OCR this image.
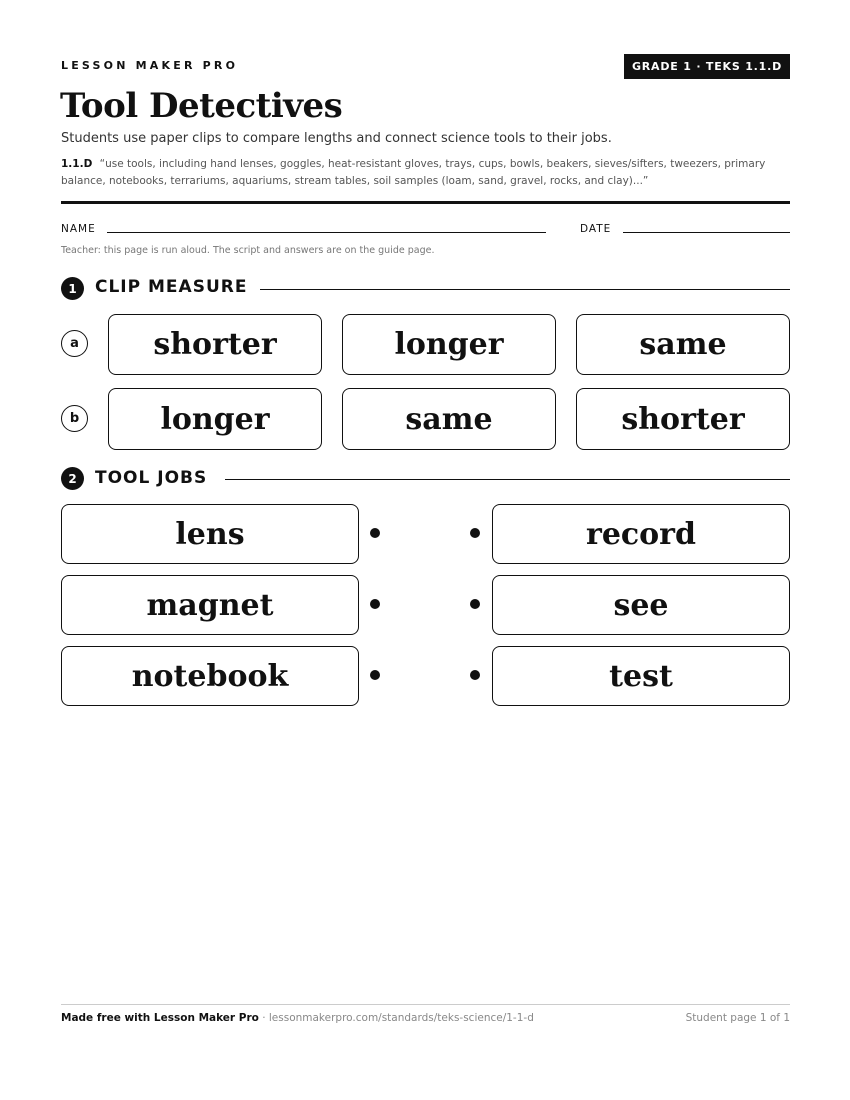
LESSON MAKER PRO	GRADE 1 · TEKS 1.1.D
Tool Detectives
Students use paper clips to compare lengths and connect science tools to their jobs.
1.1.D “use tools, including hand lenses, goggles, heat-resistant gloves, trays, cups, bowls, beakers, sieves/sifters, tweezers, primary balance, notebooks, terrariums, aquariums, stream tables, soil samples (loam, sand, gravel, rocks, and clay)...”
NAME	DATE
Teacher: this page is run aloud. The script and answers are on the guide page.
1	CLIP MEASURE
a	shorter	longer	same
b	longer	same	shorter
2	TOOL JOBS
lens	record
magnet	see
notebook	test
Made free with Lesson Maker Pro · lessonmakerpro.com/standards/teks-science/1-1-d	Student page 1 of 1
